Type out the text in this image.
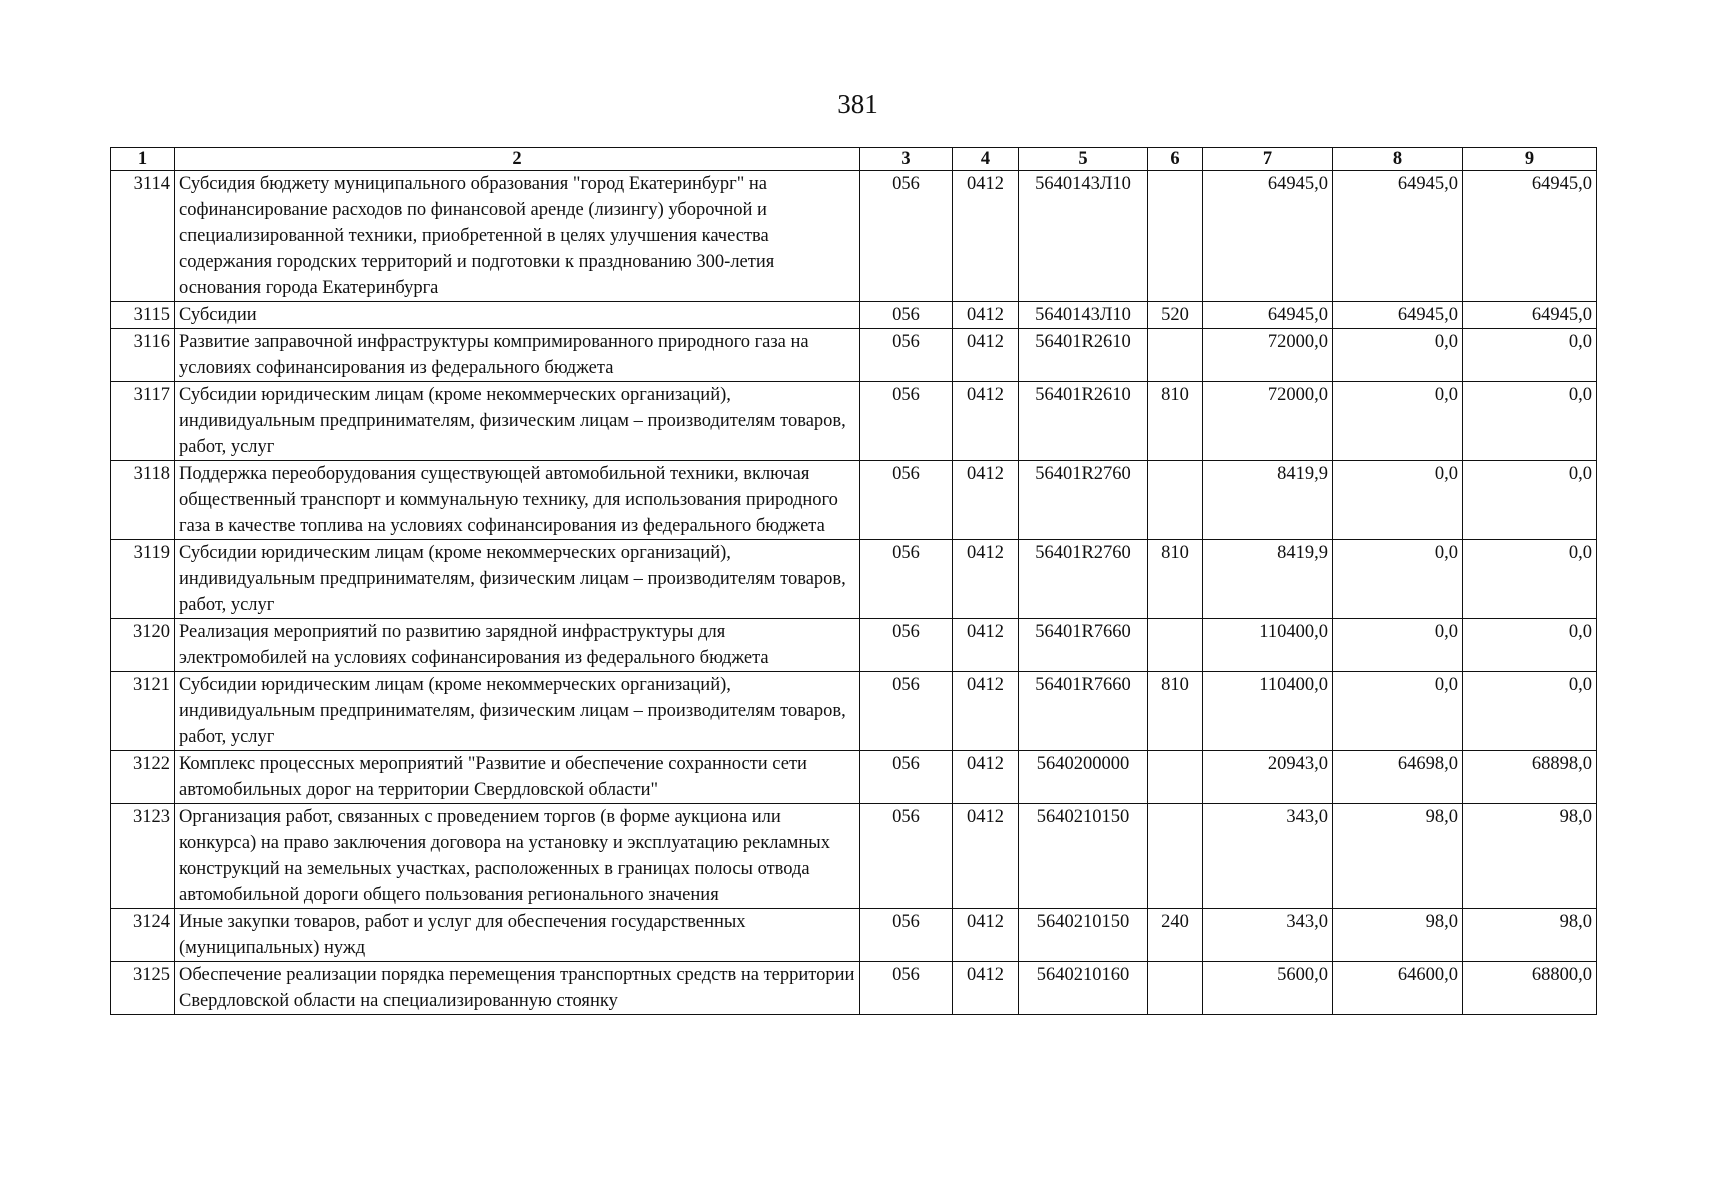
381
1	2	3	4	5	6	7	8	9
3114	Субсидия бюджету муниципального образования "город Екатеринбург" на софинансирование расходов по финансовой аренде (лизингу) уборочной и специализированной техники, приобретенной в целях улучшения качества содержания городских территорий и подготовки к празднованию 300-летия основания города Екатеринбурга	056	0412	5640143Л10		64945,0	64945,0	64945,0
3115	Субсидии	056	0412	5640143Л10	520	64945,0	64945,0	64945,0
3116	Развитие заправочной инфраструктуры компримированного природного газа на условиях софинансирования из федерального бюджета	056	0412	56401R2610		72000,0	0,0	0,0
3117	Субсидии юридическим лицам (кроме некоммерческих организаций), индивидуальным предпринимателям, физическим лицам – производителям товаров, работ, услуг	056	0412	56401R2610	810	72000,0	0,0	0,0
3118	Поддержка переоборудования существующей автомобильной техники, включая общественный транспорт и коммунальную технику, для использования природного газа в качестве топлива на условиях софинансирования из федерального бюджета	056	0412	56401R2760		8419,9	0,0	0,0
3119	Субсидии юридическим лицам (кроме некоммерческих организаций), индивидуальным предпринимателям, физическим лицам – производителям товаров, работ, услуг	056	0412	56401R2760	810	8419,9	0,0	0,0
3120	Реализация мероприятий по развитию зарядной инфраструктуры для электромобилей на условиях софинансирования из федерального бюджета	056	0412	56401R7660		110400,0	0,0	0,0
3121	Субсидии юридическим лицам (кроме некоммерческих организаций), индивидуальным предпринимателям, физическим лицам – производителям товаров, работ, услуг	056	0412	56401R7660	810	110400,0	0,0	0,0
3122	Комплекс процессных мероприятий "Развитие и обеспечение сохранности сети автомобильных дорог на территории Свердловской области"	056	0412	5640200000		20943,0	64698,0	68898,0
3123	Организация работ, связанных с проведением торгов (в форме аукциона или конкурса) на право заключения договора на установку и эксплуатацию рекламных конструкций на земельных участках, расположенных в границах полосы отвода автомобильной дороги общего пользования регионального значения	056	0412	5640210150		343,0	98,0	98,0
3124	Иные закупки товаров, работ и услуг для обеспечения государственных (муниципальных) нужд	056	0412	5640210150	240	343,0	98,0	98,0
3125	Обеспечение реализации порядка перемещения транспортных средств на территории Свердловской области на специализированную стоянку	056	0412	5640210160		5600,0	64600,0	68800,0
